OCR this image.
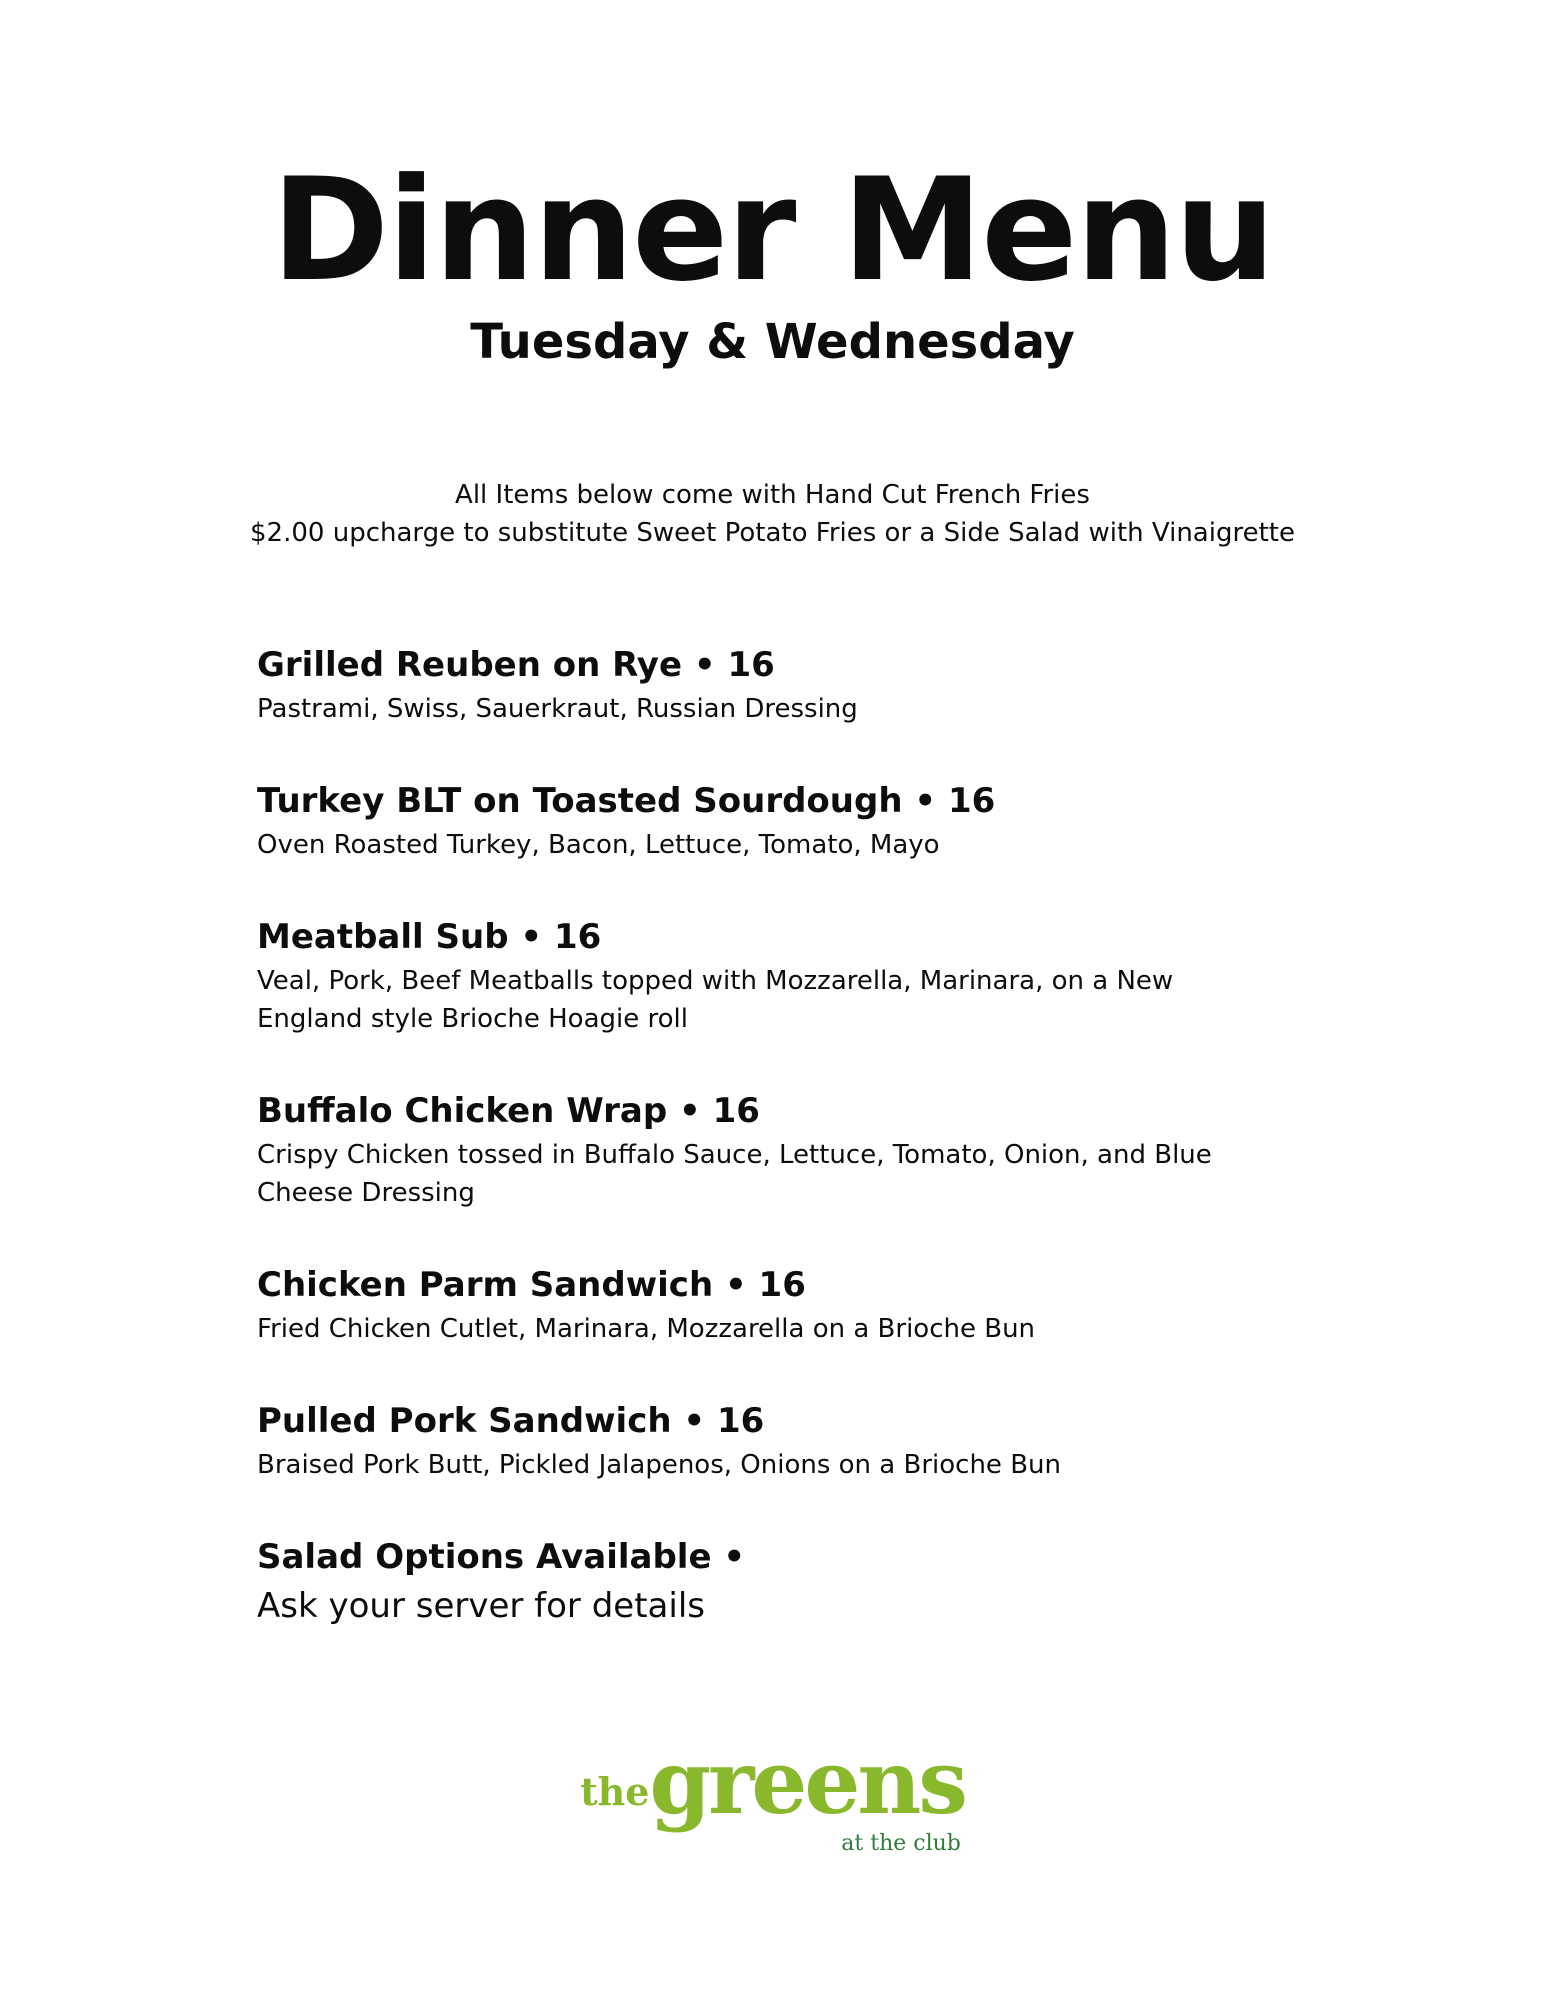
Dinner Menu
Tuesday & Wednesday
All Items below come with Hand Cut French Fries
$2.00 upcharge to substitute Sweet Potato Fries or a Side Salad with Vinaigrette
Grilled Reuben on Rye • 16
Pastrami, Swiss, Sauerkraut, Russian Dressing
Turkey BLT on Toasted Sourdough • 16
Oven Roasted Turkey, Bacon, Lettuce, Tomato, Mayo
Meatball Sub • 16
Veal, Pork, Beef Meatballs topped with Mozzarella, Marinara, on a New
England style Brioche Hoagie roll
Buffalo Chicken Wrap • 16
Crispy Chicken tossed in Buffalo Sauce, Lettuce, Tomato, Onion, and Blue
Cheese Dressing
Chicken Parm Sandwich • 16
Fried Chicken Cutlet, Marinara, Mozzarella on a Brioche Bun
Pulled Pork Sandwich • 16
Braised Pork Butt, Pickled Jalapenos, Onions on a Brioche Bun
Salad Options Available •
Ask your server for details
thegreens
at the club
